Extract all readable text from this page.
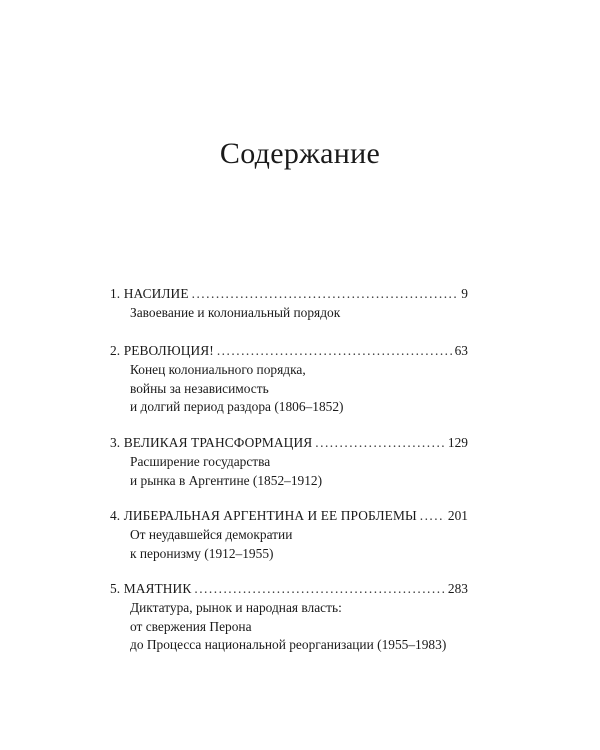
Содержание
1. НАСИЛИЕ .....	9
Завоевание и колониальный порядок
2. РЕВОЛЮЦИЯ! .....	63
Конец колониального порядка,
войны за независимость
и долгий период раздора (1806–1852)
3. ВЕЛИКАЯ ТРАНСФОРМАЦИЯ .....	129
Расширение государства
и рынка в Аргентине (1852–1912)
4. ЛИБЕРАЛЬНАЯ АРГЕНТИНА И ЕЕ ПРОБЛЕМЫ ..... 201
От неудавшейся демократии
к перонизму (1912–1955)
5. МАЯТНИК .....	283
Диктатура, рынок и народная власть:
от свержения Перона
до Процесса национальной реорганизации (1955–1983)
